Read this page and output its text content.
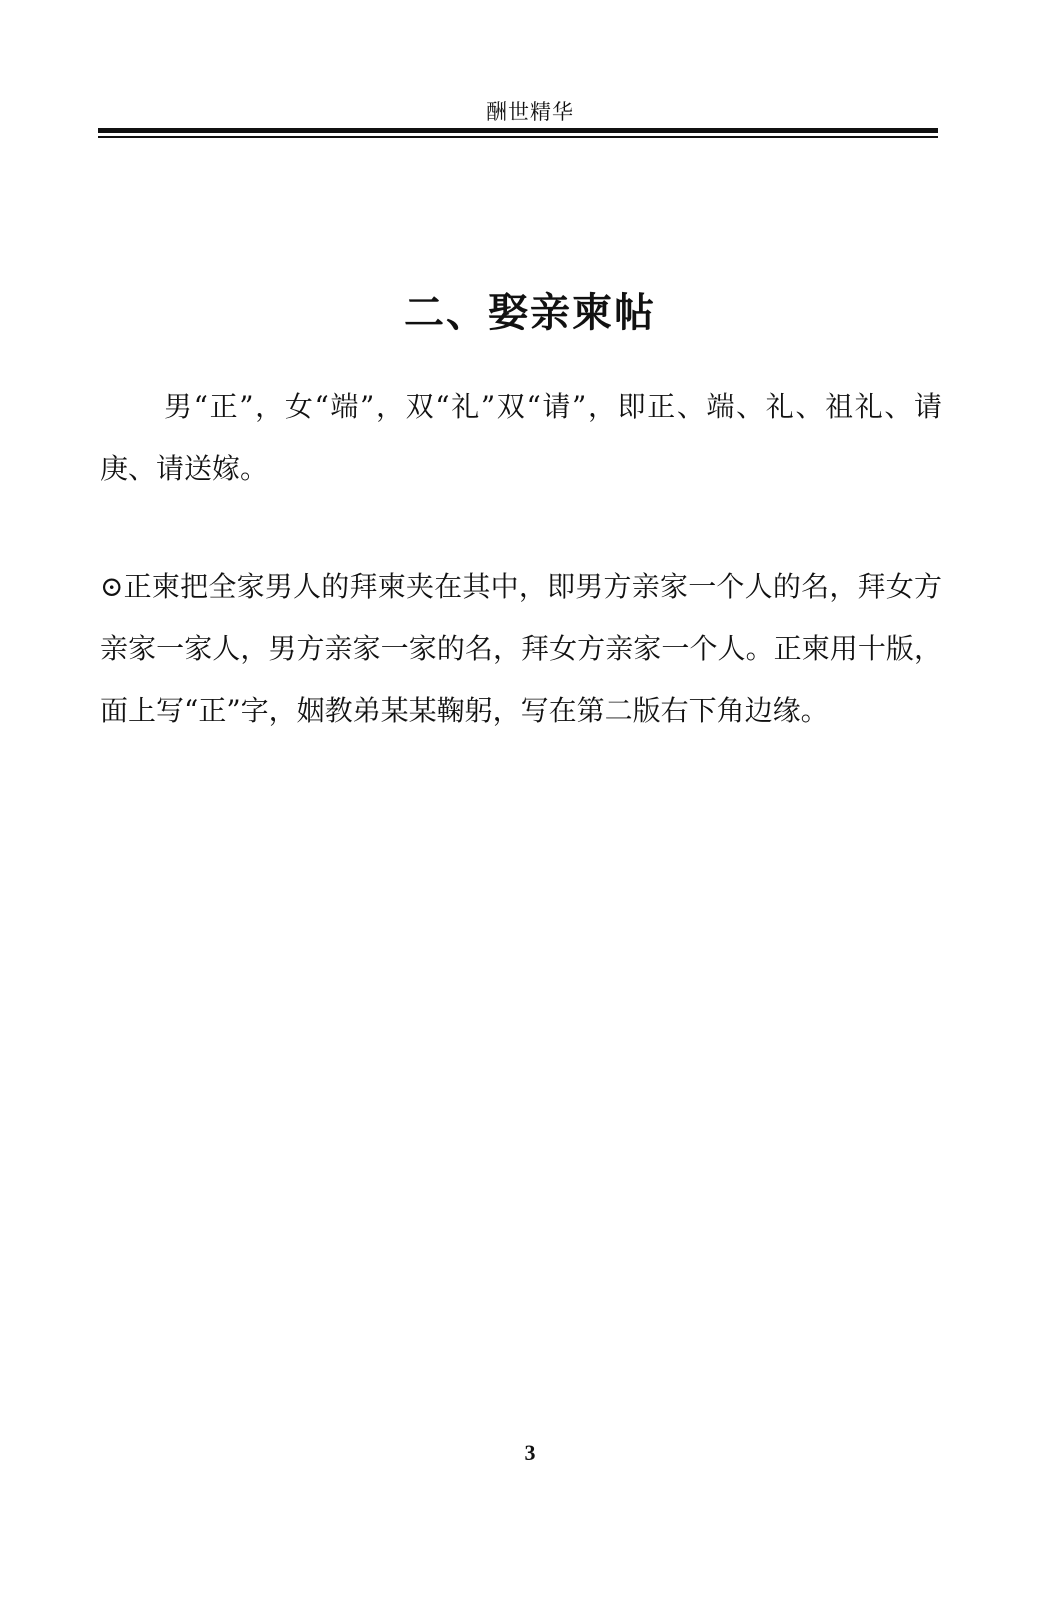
酬世精华
二、娶亲柬帖

男“正”，女“端”，双“礼”双“请”，即正、端、礼、祖礼、请庚、请送嫁。

⊙正柬把全家男人的拜柬夹在其中，即男方亲家一个人的名，拜女方亲家一家人，男方亲家一家的名，拜女方亲家一个人。正柬用十版，面上写“正”字，姻教弟某某鞠躬，写在第二版右下角边缘。

3
